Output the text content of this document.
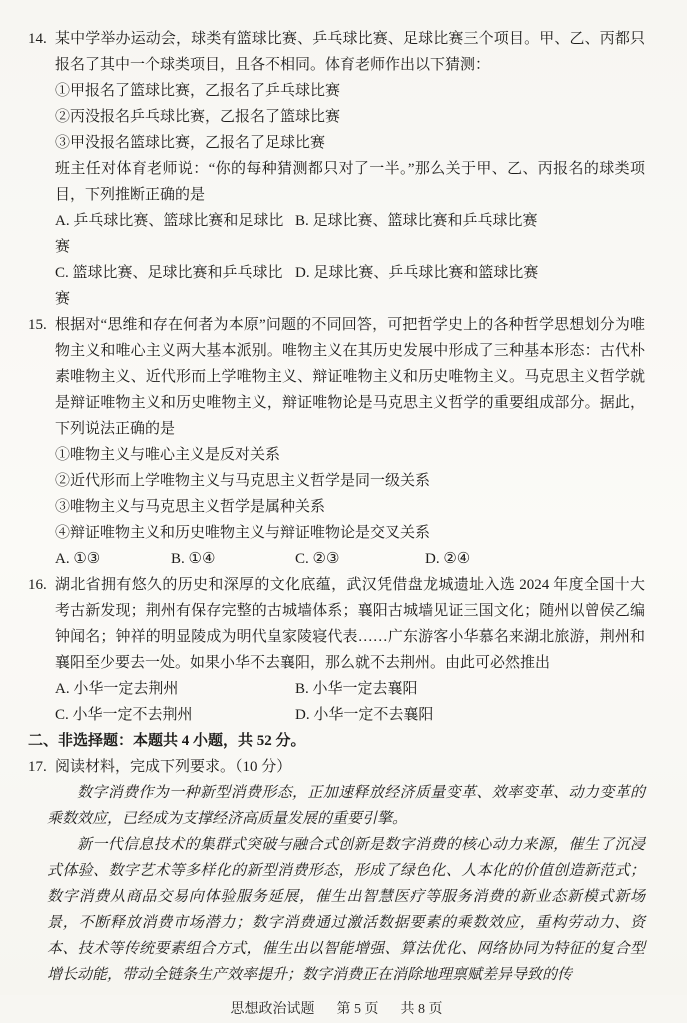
14. 某中学举办运动会，球类有篮球比赛、乒乓球比赛、足球比赛三个项目。甲、乙、丙都只报名了其中一个球类项目，且各不相同。体育老师作出以下猜测：

①甲报名了篮球比赛，乙报名了乒乓球比赛

②丙没报名乒乓球比赛，乙报名了篮球比赛

③甲没报名篮球比赛，乙报名了足球比赛

班主任对体育老师说：“你的每种猜测都只对了一半。”那么关于甲、乙、丙报名的球类项目，下列推断正确的是

A. 乒乓球比赛、篮球比赛和足球比赛
B. 足球比赛、篮球比赛和乒乓球比赛
C. 篮球比赛、足球比赛和乒乓球比赛
D. 足球比赛、乒乓球比赛和篮球比赛
15. 根据对“思维和存在何者为本原”问题的不同回答，可把哲学史上的各种哲学思想划分为唯物主义和唯心主义两大基本派别。唯物主义在其历史发展中形成了三种基本形态：古代朴素唯物主义、近代形而上学唯物主义、辩证唯物主义和历史唯物主义。马克思主义哲学就是辩证唯物主义和历史唯物主义，辩证唯物论是马克思主义哲学的重要组成部分。据此，下列说法正确的是

①唯物主义与唯心主义是反对关系

②近代形而上学唯物主义与马克思主义哲学是同一级关系

③唯物主义与马克思主义哲学是属种关系

④辩证唯物主义和历史唯物主义与辩证唯物论是交叉关系

A. ①③	B. ①④	C. ②③	D. ②④
16. 湖北省拥有悠久的历史和深厚的文化底蕴，武汉凭借盘龙城遗址入选 2024 年度全国十大考古新发现；荆州有保存完整的古城墙体系；襄阳古城墙见证三国文化；随州以曾侯乙编钟闻名；钟祥的明显陵成为明代皇家陵寝代表……广东游客小华慕名来湖北旅游，荆州和襄阳至少要去一处。如果小华不去襄阳，那么就不去荆州。由此可必然推出

A. 小华一定去荆州	B. 小华一定去襄阳
C. 小华一定不去荆州	D. 小华一定不去襄阳

二、非选择题：本题共 4 小题，共 52 分。

17. 阅读材料，完成下列要求。（10 分）

数字消费作为一种新型消费形态，正加速释放经济质量变革、效率变革、动力变革的乘数效应，已经成为支撑经济高质量发展的重要引擎。

新一代信息技术的集群式突破与融合式创新是数字消费的核心动力来源，催生了沉浸式体验、数字艺术等多样化的新型消费形态，形成了绿色化、人本化的价值创造新范式；数字消费从商品交易向体验服务延展，催生出智慧医疗等服务消费的新业态新模式新场景，不断释放消费市场潜力；数字消费通过激活数据要素的乘数效应，重构劳动力、资本、技术等传统要素组合方式，催生出以智能增强、算法优化、网络协同为特征的复合型增长动能，带动全链条生产效率提升；数字消费正在消除地理禀赋差异导致的传

思想政治试题 第 5 页 共 8 页
